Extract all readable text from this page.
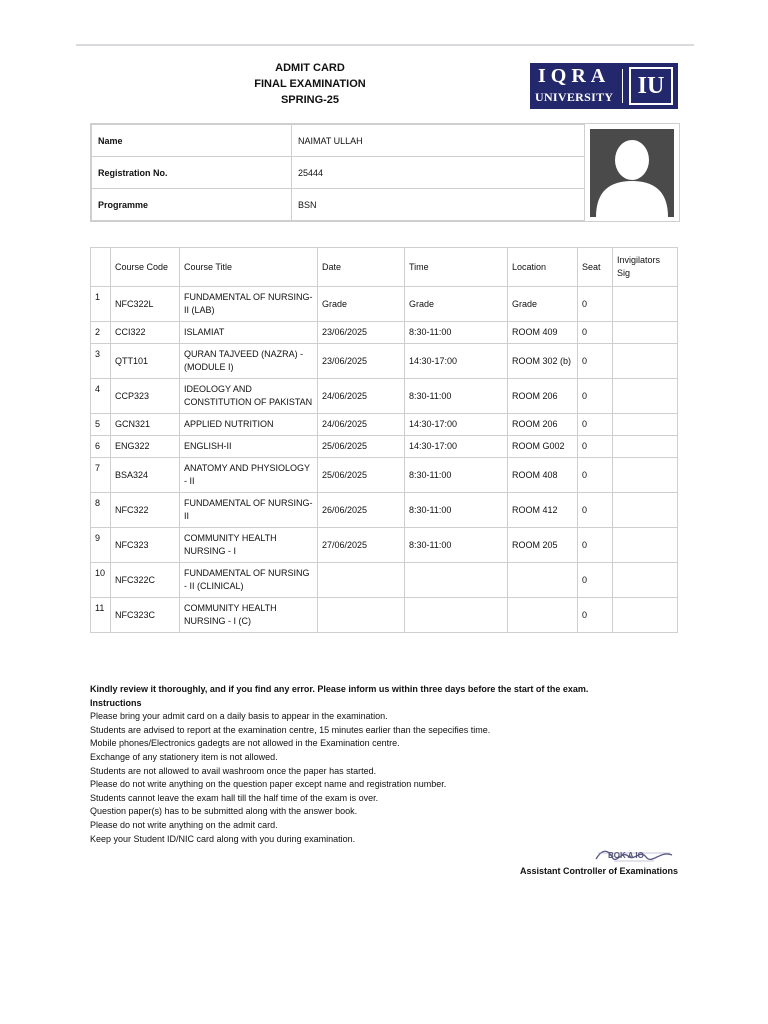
ADMIT CARD
FINAL EXAMINATION
SPRING-25
IQRA
UNIVERSITY	IU
Name	NAIMAT ULLAH
Registration No.	25444
Programme	BSN
	Course Code	Course Title	Date	Time	Location	Seat	Invigilators Sig
1	NFC322L	FUNDAMENTAL OF NURSING-II (LAB)	Grade	Grade	Grade	0	
2	CCI322	ISLAMIAT	23/06/2025	8:30-11:00	ROOM 409	0	
3	QTT101	QURAN TAJVEED (NAZRA) - (MODULE I)	23/06/2025	14:30-17:00	ROOM 302 (b)	0	
4	CCP323	IDEOLOGY AND CONSTITUTION OF PAKISTAN	24/06/2025	8:30-11:00	ROOM 206	0	
5	GCN321	APPLIED NUTRITION	24/06/2025	14:30-17:00	ROOM 206	0	
6	ENG322	ENGLISH-II	25/06/2025	14:30-17:00	ROOM G002	0	
7	BSA324	ANATOMY AND PHYSIOLOGY - II	25/06/2025	8:30-11:00	ROOM 408	0	
8	NFC322	FUNDAMENTAL OF NURSING-II	26/06/2025	8:30-11:00	ROOM 412	0	
9	NFC323	COMMUNITY HEALTH NURSING - I	27/06/2025	8:30-11:00	ROOM 205	0	
10	NFC322C	FUNDAMENTAL OF NURSING - II (CLINICAL)				0	
11	NFC323C	COMMUNITY HEALTH NURSING - I (C)				0	
Kindly review it thoroughly, and if you find any error. Please inform us within three days before the start of the exam.
Instructions
Please bring your admit card on a daily basis to appear in the examination.
Students are advised to report at the examination centre, 15 minutes earlier than the sepecifies time.
Mobile phones/Electronics gadegts are not allowed in the Examination centre.
Exchange of any stationery item is not allowed.
Students are not allowed to avail washroom once the paper has started.
Please do not write anything on the question paper except name and registration number.
Students cannot leave the exam hall till the half time of the exam is over.
Question paper(s) has to be submitted along with the answer book.
Please do not write anything on the admit card.
Keep your Student ID/NIC card along with you during examination.
BOK A IO
Assistant Controller of Examinations
